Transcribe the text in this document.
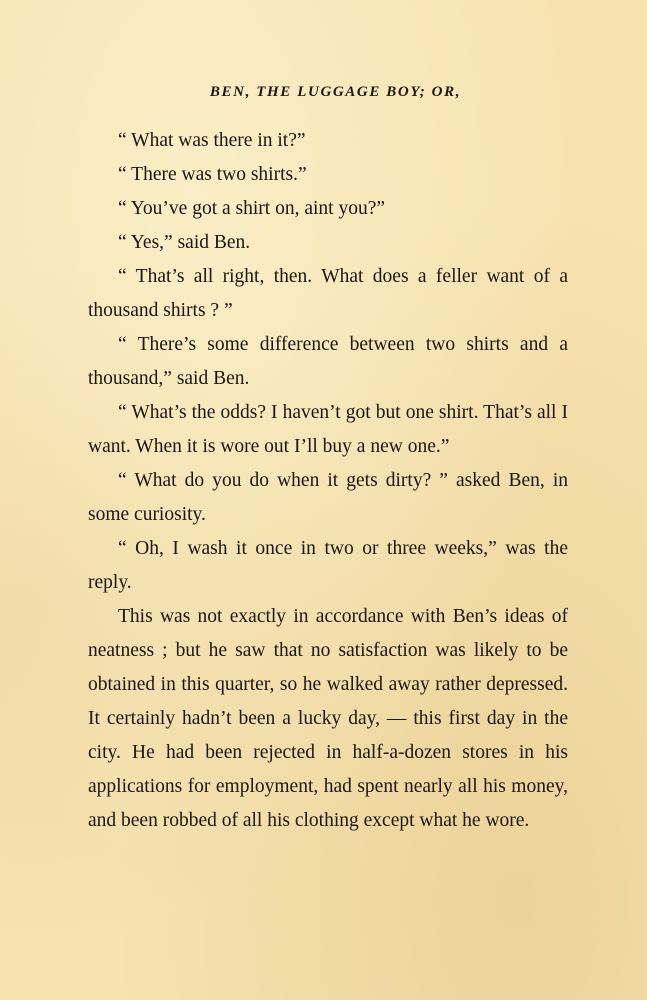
BEN, THE LUGGAGE BOY; OR,

“ What was there in it?”

“ There was two shirts.”

“ You’ve got a shirt on, aint you?”

“ Yes,” said Ben.

“ That’s all right, then. What does a feller want of a thousand shirts ? ”

“ There’s some difference between two shirts and a thousand,” said Ben.

“ What’s the odds? I haven’t got but one shirt. That’s all I want. When it is wore out I’ll buy a new one.”

“ What do you do when it gets dirty? ” asked Ben, in some curiosity.

“ Oh, I wash it once in two or three weeks,” was the reply.

This was not exactly in accordance with Ben’s ideas of neatness ; but he saw that no satisfaction was likely to be obtained in this quarter, so he walked away rather depressed. It certainly hadn’t been a lucky day, — this first day in the city. He had been rejected in half-a-dozen stores in his applications for employment, had spent nearly all his money, and been robbed of all his clothing except what he wore.
